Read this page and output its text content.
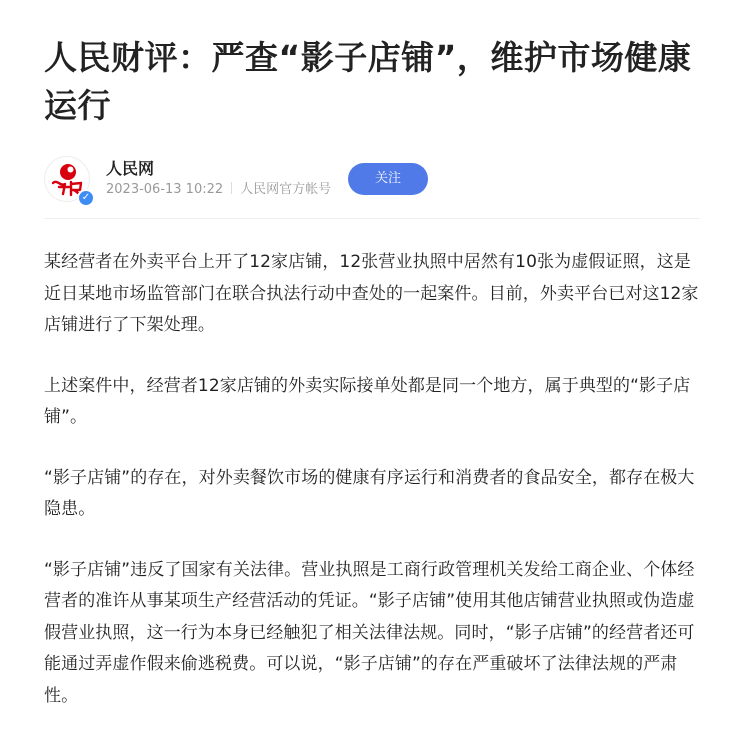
人民财评：严查“影子店铺”，维护市场健康运行
✓
人民网
2023-06-13 10:22 人民网官方帐号
关注

某经营者在外卖平台上开了12家店铺，12张营业执照中居然有10张为虚假证照，这是近日某地市场监管部门在联合执法行动中查处的一起案件。目前，外卖平台已对这12家店铺进行了下架处理。

上述案件中，经营者12家店铺的外卖实际接单处都是同一个地方，属于典型的“影子店铺”。

“影子店铺”的存在，对外卖餐饮市场的健康有序运行和消费者的食品安全，都存在极大隐患。

“影子店铺”违反了国家有关法律。营业执照是工商行政管理机关发给工商企业、个体经营者的准许从事某项生产经营活动的凭证。“影子店铺”使用其他店铺营业执照或伪造虚假营业执照，这一行为本身已经触犯了相关法律法规。同时，“影子店铺”的经营者还可能通过弄虚作假来偷逃税费。可以说，“影子店铺”的存在严重破坏了法律法规的严肃性。
